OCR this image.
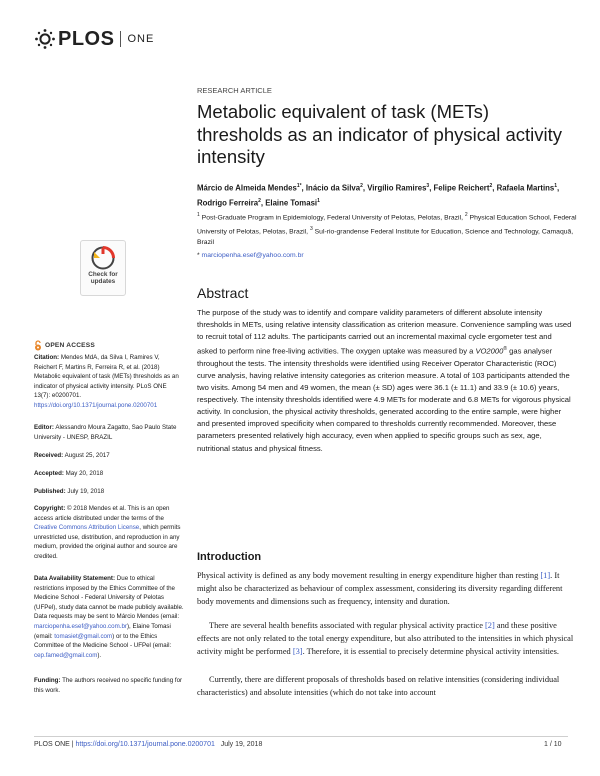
PLOS ONE
Check for
updates
OPEN ACCESS

Citation: Mendes MdA, da Silva I, Ramires V, Reichert F, Martins R, Ferreira R, et al. (2018) Metabolic equivalent of task (METs) thresholds as an indicator of physical activity intensity. PLoS ONE 13(7): e0200701. https://doi.org/10.1371/journal.pone.0200701

Editor: Alessandro Moura Zagatto, Sao Paulo State University - UNESP, BRAZIL

Received: August 25, 2017

Accepted: May 20, 2018

Published: July 19, 2018

Copyright: © 2018 Mendes et al. This is an open access article distributed under the terms of the Creative Commons Attribution License, which permits unrestricted use, distribution, and reproduction in any medium, provided the original author and source are credited.

Data Availability Statement: Due to ethical restrictions imposed by the Ethics Committee of the Medicine School - Federal University of Pelotas (UFPel), study data cannot be made publicly available. Data requests may be sent to Márcio Mendes (email: marciopenha.esef@yahoo.com.br), Elaine Tomasi (email: tomasiet@gmail.com) or to the Ethics Committee of the Medicine School - UFPel (email: cep.famed@gmail.com).

Funding: The authors received no specific funding for this work.

RESEARCH ARTICLE
Metabolic equivalent of task (METs) thresholds as an indicator of physical activity intensity

Márcio de Almeida Mendes$^{1*}$, Inácio da Silva$^2$, Virgílio Ramires$^3$, Felipe Reichert$^2$, Rafaela Martins$^1$, Rodrigo Ferreira$^2$, Elaine Tomasi$^1$

$^1$ Post-Graduate Program in Epidemiology, Federal University of Pelotas, Pelotas, Brazil, $^2$ Physical Education School, Federal University of Pelotas, Pelotas, Brazil, $^3$ Sul-rio-grandense Federal Institute for Education, Science and Technology, Camaquã, Brazil

* marciopenha.esef@yahoo.com.br
Abstract

The purpose of the study was to identify and compare validity parameters of different absolute intensity thresholds in METs, using relative intensity classification as criterion measure. Convenience sampling was used to recruit total of 112 adults. The participants carried out an incremental maximal cycle ergometer test and asked to perform nine free-living activities. The oxygen uptake was measured by a VO2000® gas analyser throughout the tests. The intensity thresholds were identified using Receiver Operator Characteristic (ROC) curve analysis, having relative intensity categories as criterion measure. A total of 103 participants attended the two visits. Among 54 men and 49 women, the mean (± SD) ages were 36.1 (± 11.1) and 33.9 (± 10.6) years, respectively. The intensity thresholds identified were 4.9 METs for moderate and 6.8 METs for vigorous physical activity. In conclusion, the physical activity thresholds, generated according to the entire sample, were higher and presented improved specificity when compared to thresholds currently recommended. Moreover, these parameters presented relatively high accuracy, even when applied to specific groups such as sex, age, nutritional status and physical fitness.

Introduction

Physical activity is defined as any body movement resulting in energy expenditure higher than resting [1]. It might also be characterized as behaviour of complex assessment, considering its diversity regarding different body movements and dimensions such as frequency, intensity and duration.

There are several health benefits associated with regular physical activity practice [2] and these positive effects are not only related to the total energy expenditure, but also attributed to the intensities in which physical activity might be performed [3]. Therefore, it is essential to precisely determine physical activity intensities.

Currently, there are different proposals of thresholds based on relative intensities (considering individual characteristics) and absolute intensities (which do not take into account

PLOS ONE | https://doi.org/10.1371/journal.pone.0200701 July 19, 2018	1 / 10
